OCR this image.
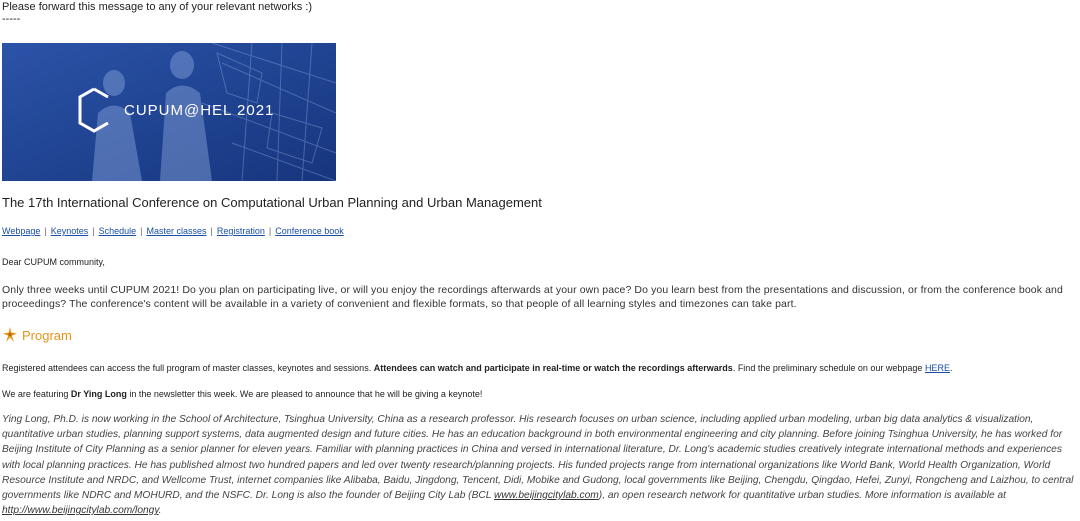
Please forward this message to any of your relevant networks :)
-----
CUPUM@HEL 2021
The 17th International Conference on Computational Urban Planning and Urban Management
Webpage | Keynotes | Schedule | Master classes | Registration | Conference book
Dear CUPUM community,
Only three weeks until CUPUM 2021! Do you plan on participating live, or will you enjoy the recordings afterwards at your own pace? Do you learn best from the presentations and discussion, or from the conference book and proceedings? The conference's content will be available in a variety of convenient and flexible formats, so that people of all learning styles and timezones can take part.
Program
Registered attendees can access the full program of master classes, keynotes and sessions. Attendees can watch and participate in real-time or watch the recordings afterwards. Find the preliminary schedule on our webpage HERE.
We are featuring Dr Ying Long in the newsletter this week. We are pleased to announce that he will be giving a keynote!
Ying Long, Ph.D. is now working in the School of Architecture, Tsinghua University, China as a research professor. His research focuses on urban science, including applied urban modeling, urban big data analytics & visualization, quantitative urban studies, planning support systems, data augmented design and future cities. He has an education background in both environmental engineering and city planning. Before joining Tsinghua University, he has worked for Beijing Institute of City Planning as a senior planner for eleven years. Familiar with planning practices in China and versed in international literature, Dr. Long's academic studies creatively integrate international methods and experiences with local planning practices. He has published almost two hundred papers and led over twenty research/planning projects. His funded projects range from international organizations like World Bank, World Health Organization, World Resource Institute and NRDC, and Wellcome Trust, internet companies like Alibaba, Baidu, Jingdong, Tencent, Didi, Mobike and Gudong, local governments like Beijing, Chengdu, Qingdao, Hefei, Zunyi, Rongcheng and Laizhou, to central governments like NDRC and MOHURD, and the NSFC. Dr. Long is also the founder of Beijing City Lab (BCL www.beijingcitylab.com), an open research network for quantitative urban studies. More information is available at http://www.beijingcitylab.com/longy.
